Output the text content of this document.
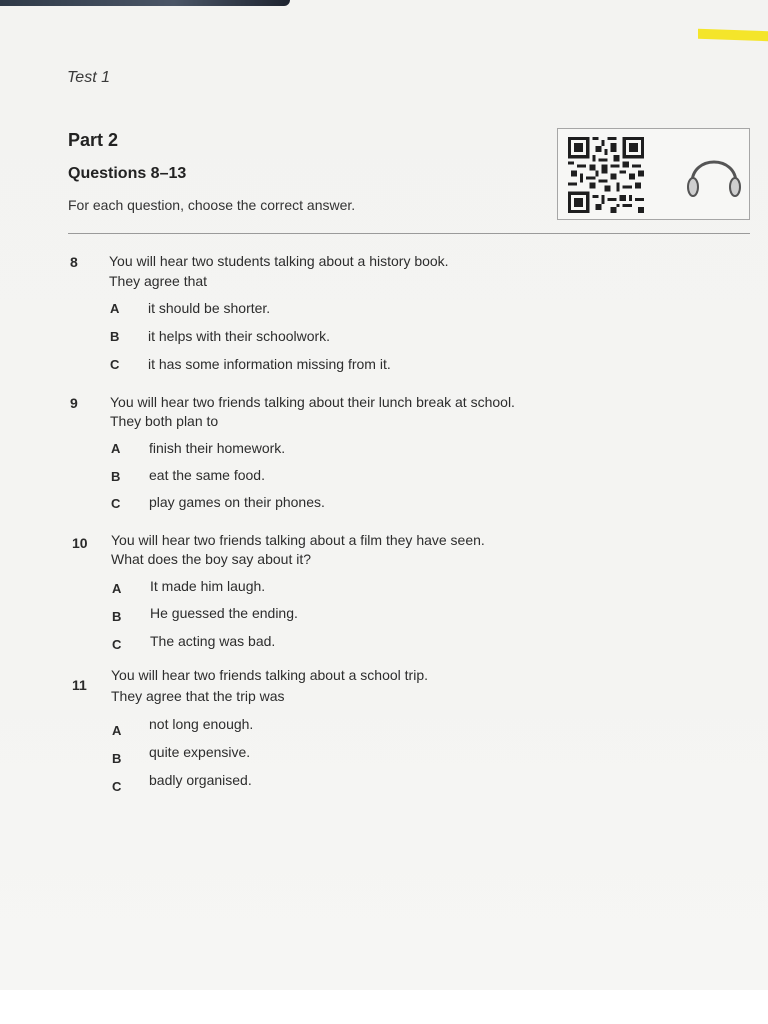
Test 1
Part 2
Questions 8–13
For each question, choose the correct answer.
8 You will hear two students talking about a history book.
They agree that
A it should be shorter.
B it helps with their schoolwork.
C it has some information missing from it.
9 You will hear two friends talking about their lunch break at school.
They both plan to
A finish their homework.
B eat the same food.
C play games on their phones.
10 You will hear two friends talking about a film they have seen.
What does the boy say about it?
A It made him laugh.
B He guessed the ending.
C The acting was bad.
11
You will hear two friends talking about a school trip.
They agree that the trip was
A not long enough.
B quite expensive.
C badly organised.
